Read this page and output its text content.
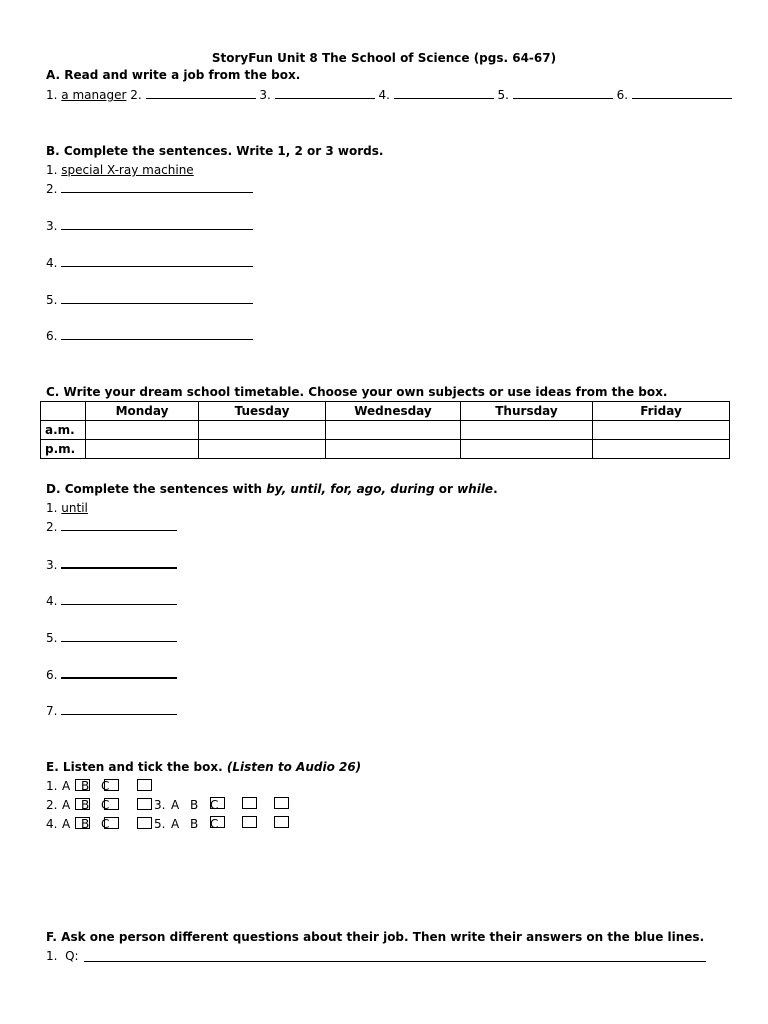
StoryFun Unit 8 The School of Science (pgs. 64-67)
A. Read and write a job from the box.
1. a manager 2.	3.	4.	5.	6.
B. Complete the sentences. Write 1, 2 or 3 words.
1. special X-ray machine
2.
3.
4.
5.
6.
C. Write your dream school timetable. Choose your own subjects or use ideas from the box.
	Monday	Tuesday	Wednesday	Thursday	Friday
a.m.					
p.m.					
D. Complete the sentences with by, until, for, ago, during or while.
1. until
2.
3.
4.
5.
6.
7.
E. Listen and tick the box. (Listen to Audio 26)
1. A B C
2. A B C	3. A B C
4. A B C	5. A B C
F. Ask one person different questions about their job. Then write their answers on the blue lines.
1. Q:
